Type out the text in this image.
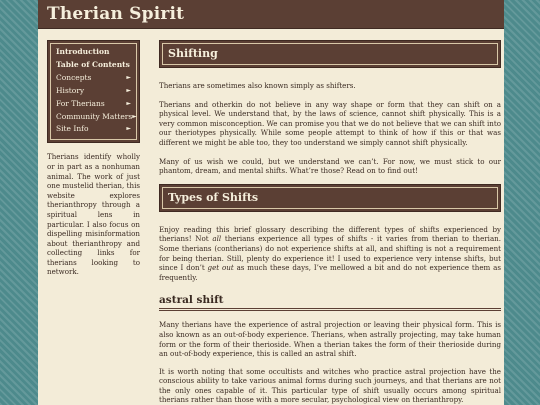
Therian Spirit
Introduction
Table of Contents
Concepts	►
History	►
For Therians	►
Community Matters ►
Site Info	►

Therians identify wholly or in part as a nonhuman animal. The work of just one mustelid therian, this website explores therianthropy through a spiritual lens in particular. I also focus on dispelling misinformation about therianthropy and collecting links for therians looking to network.

Shifting

Therians are sometimes also known simply as shifters.

Therians and otherkin do not believe in any way shape or form that they can shift on a physical level. We understand that, by the laws of science, cannot shift physically. This is a very common misconception. We can promise you that we do not believe that we can shift into our theriotypes physically. While some people attempt to think of how if this or that was different we might be able too, they too understand we simply cannot shift physically.

Many of us wish we could, but we understand we can’t. For now, we must stick to our phantom, dream, and mental shifts. What’re those? Read on to find out!

Types of Shifts

Enjoy reading this brief glossary describing the different types of shifts experienced by therians! Not all therians experience all types of shifts - it varies from therian to therian. Some therians (contherians) do not experience shifts at all, and shifting is not a requirement for being therian. Still, plenty do experience it! I used to experience very intense shifts, but since I don’t get out as much these days, I’ve mellowed a bit and do not experience them as frequently.

astral shift

Many therians have the experience of astral projection or leaving their physical form. This is also known as an out-of-body experience. Therians, when astrally projecting, may take human form or the form of their therioside. When a therian takes the form of their therioside during an out-of-body experience, this is called an astral shift.

It is worth noting that some occultists and witches who practice astral projection have the conscious ability to take various animal forms during such journeys, and that therians are not the only ones capable of it. This particular type of shift usually occurs among spiritual therians rather than those with a more secular, psychological view on therianthropy.
